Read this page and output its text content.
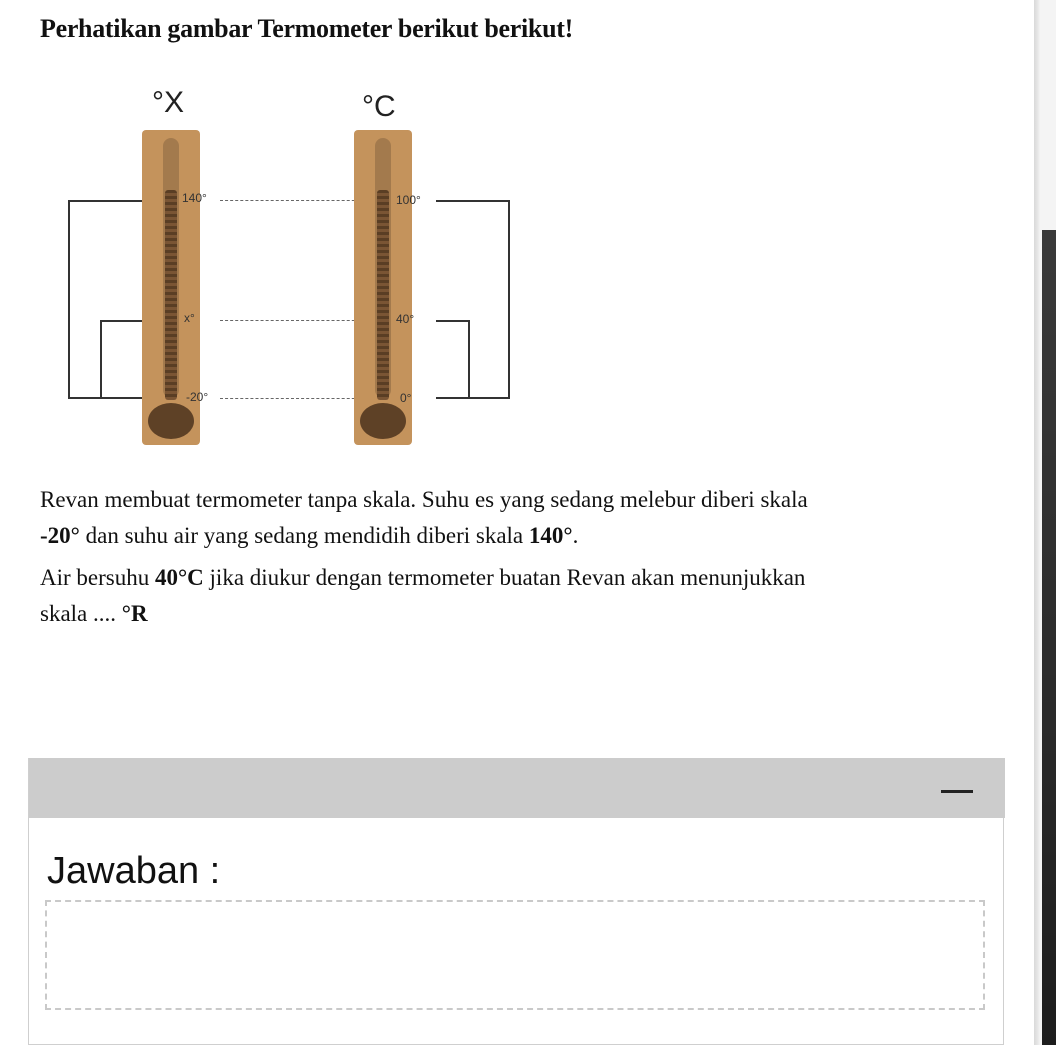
Perhatikan gambar Termometer berikut berikut!
°X
140°
x°
-20°
°C
100°
40°
0°
Revan membuat termometer tanpa skala. Suhu es yang sedang melebur diberi skala
-20° dan suhu air yang sedang mendidih diberi skala 140°.
Air bersuhu 40°C jika diukur dengan termometer buatan Revan akan menunjukkan
skala .... °R
Jawaban :
